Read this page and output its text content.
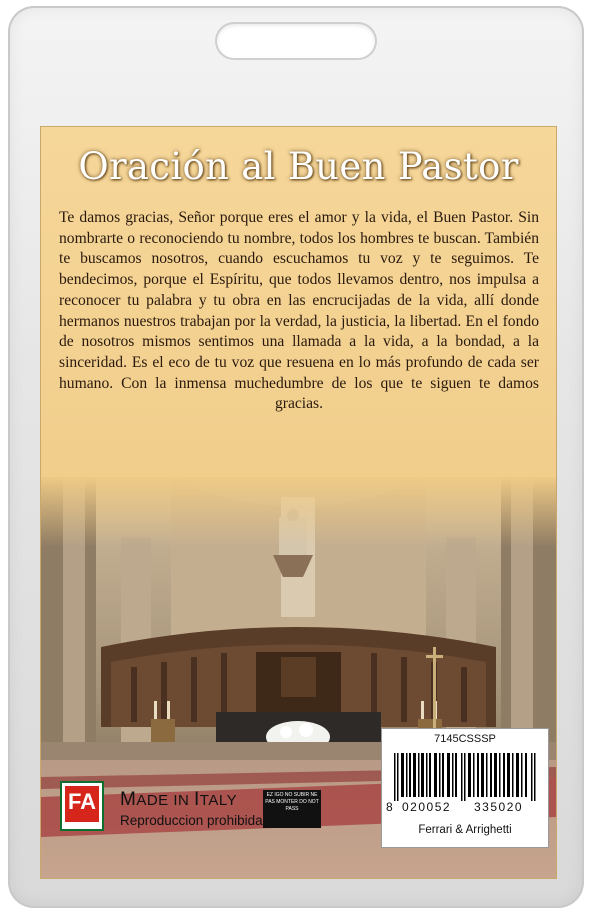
Oración al Buen Pastor
Te damos gracias, Señor porque eres el amor y la vida, el Buen Pastor. Sin nombrarte o reconociendo tu nombre, todos los hombres te buscan. También te buscamos nosotros, cuando escuchamos tu voz y te seguimos. Te bendecimos, porque el Espíritu, que todos llevamos dentro, nos impulsa a reconocer tu palabra y tu obra en las encrucijadas de la vida, allí donde hermanos nuestros trabajan por la verdad, la justicia, la libertad. En el fondo de nosotros mismos sentimos una llamada a la vida, a la bondad, a la sinceridad. Es el eco de tu voz que resuena en lo más profundo de cada ser humano. Con la inmensa muchedumbre de los que te siguen te damos gracias.
FA MADE IN ITALY
Reproduccion prohibida
EZ IGO NO SUBIR NE PAS MONTER DO NOT PASS
7145CSSSP
8 020052 335020
Ferrari & Arrighetti
